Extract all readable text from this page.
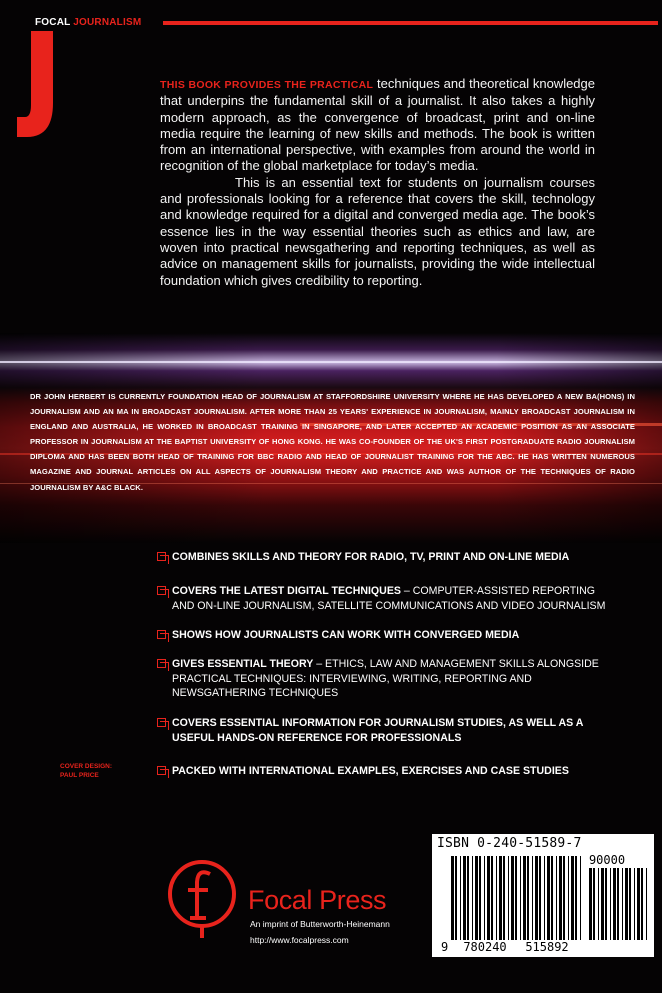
FOCAL JOURNALISM

THIS BOOK PROVIDES THE PRACTICAL techniques and theoretical knowledge that underpins the fundamental skill of a journalist. It also takes a highly modern approach, as the convergence of broadcast, print and on-line media require the learning of new skills and methods. The book is written from an international perspective, with examples from around the world in recognition of the global marketplace for today’s media.

This is an essential text for students on journalism courses and professionals looking for a reference that covers the skill, technology and knowledge required for a digital and converged media age. The book’s essence lies in the way essential theories such as ethics and law, are woven into practical newsgathering and reporting techniques, as well as advice on management skills for journalists, providing the wide intellectual foundation which gives credibility to reporting.

DR JOHN HERBERT IS CURRENTLY FOUNDATION HEAD OF JOURNALISM AT STAFFORDSHIRE UNIVERSITY WHERE HE HAS DEVELOPED A NEW BA(HONS) IN JOURNALISM AND AN MA IN BROADCAST JOURNALISM. AFTER MORE THAN 25 YEARS' EXPERIENCE IN JOURNALISM, MAINLY BROADCAST JOURNALISM IN ENGLAND AND AUSTRALIA, HE WORKED IN BROADCAST TRAINING IN SINGAPORE, AND LATER ACCEPTED AN ACADEMIC POSITION AS AN ASSOCIATE PROFESSOR IN JOURNALISM AT THE BAPTIST UNIVERSITY OF HONG KONG. HE WAS CO-FOUNDER OF THE UK'S FIRST POSTGRADUATE RADIO JOURNALISM DIPLOMA AND HAS BEEN BOTH HEAD OF TRAINING FOR BBC RADIO AND HEAD OF JOURNALIST TRAINING FOR THE ABC. HE HAS WRITTEN NUMEROUS MAGAZINE AND JOURNAL ARTICLES ON ALL ASPECTS OF JOURNALISM THEORY AND PRACTICE AND WAS AUTHOR OF THE TECHNIQUES OF RADIO JOURNALISM BY A&C BLACK.
COMBINES SKILLS AND THEORY FOR RADIO, TV, PRINT AND ON-LINE MEDIA
COVERS THE LATEST DIGITAL TECHNIQUES – COMPUTER-ASSISTED REPORTING AND ON-LINE JOURNALISM, SATELLITE COMMUNICATIONS AND VIDEO JOURNALISM
SHOWS HOW JOURNALISTS CAN WORK WITH CONVERGED MEDIA
GIVES ESSENTIAL THEORY – ETHICS, LAW AND MANAGEMENT SKILLS ALONGSIDE PRACTICAL TECHNIQUES: INTERVIEWING, WRITING, REPORTING AND NEWSGATHERING TECHNIQUES
COVERS ESSENTIAL INFORMATION FOR JOURNALISM STUDIES, AS WELL AS A USEFUL HANDS-ON REFERENCE FOR PROFESSIONALS
PACKED WITH INTERNATIONAL EXAMPLES, EXERCISES AND CASE STUDIES
COVER DESIGN:
PAUL PRICE
Focal Press
An imprint of Butterworth-Heinemann
http://www.focalpress.com
ISBN 0-240-51589-7
90000
9 780240 515892
